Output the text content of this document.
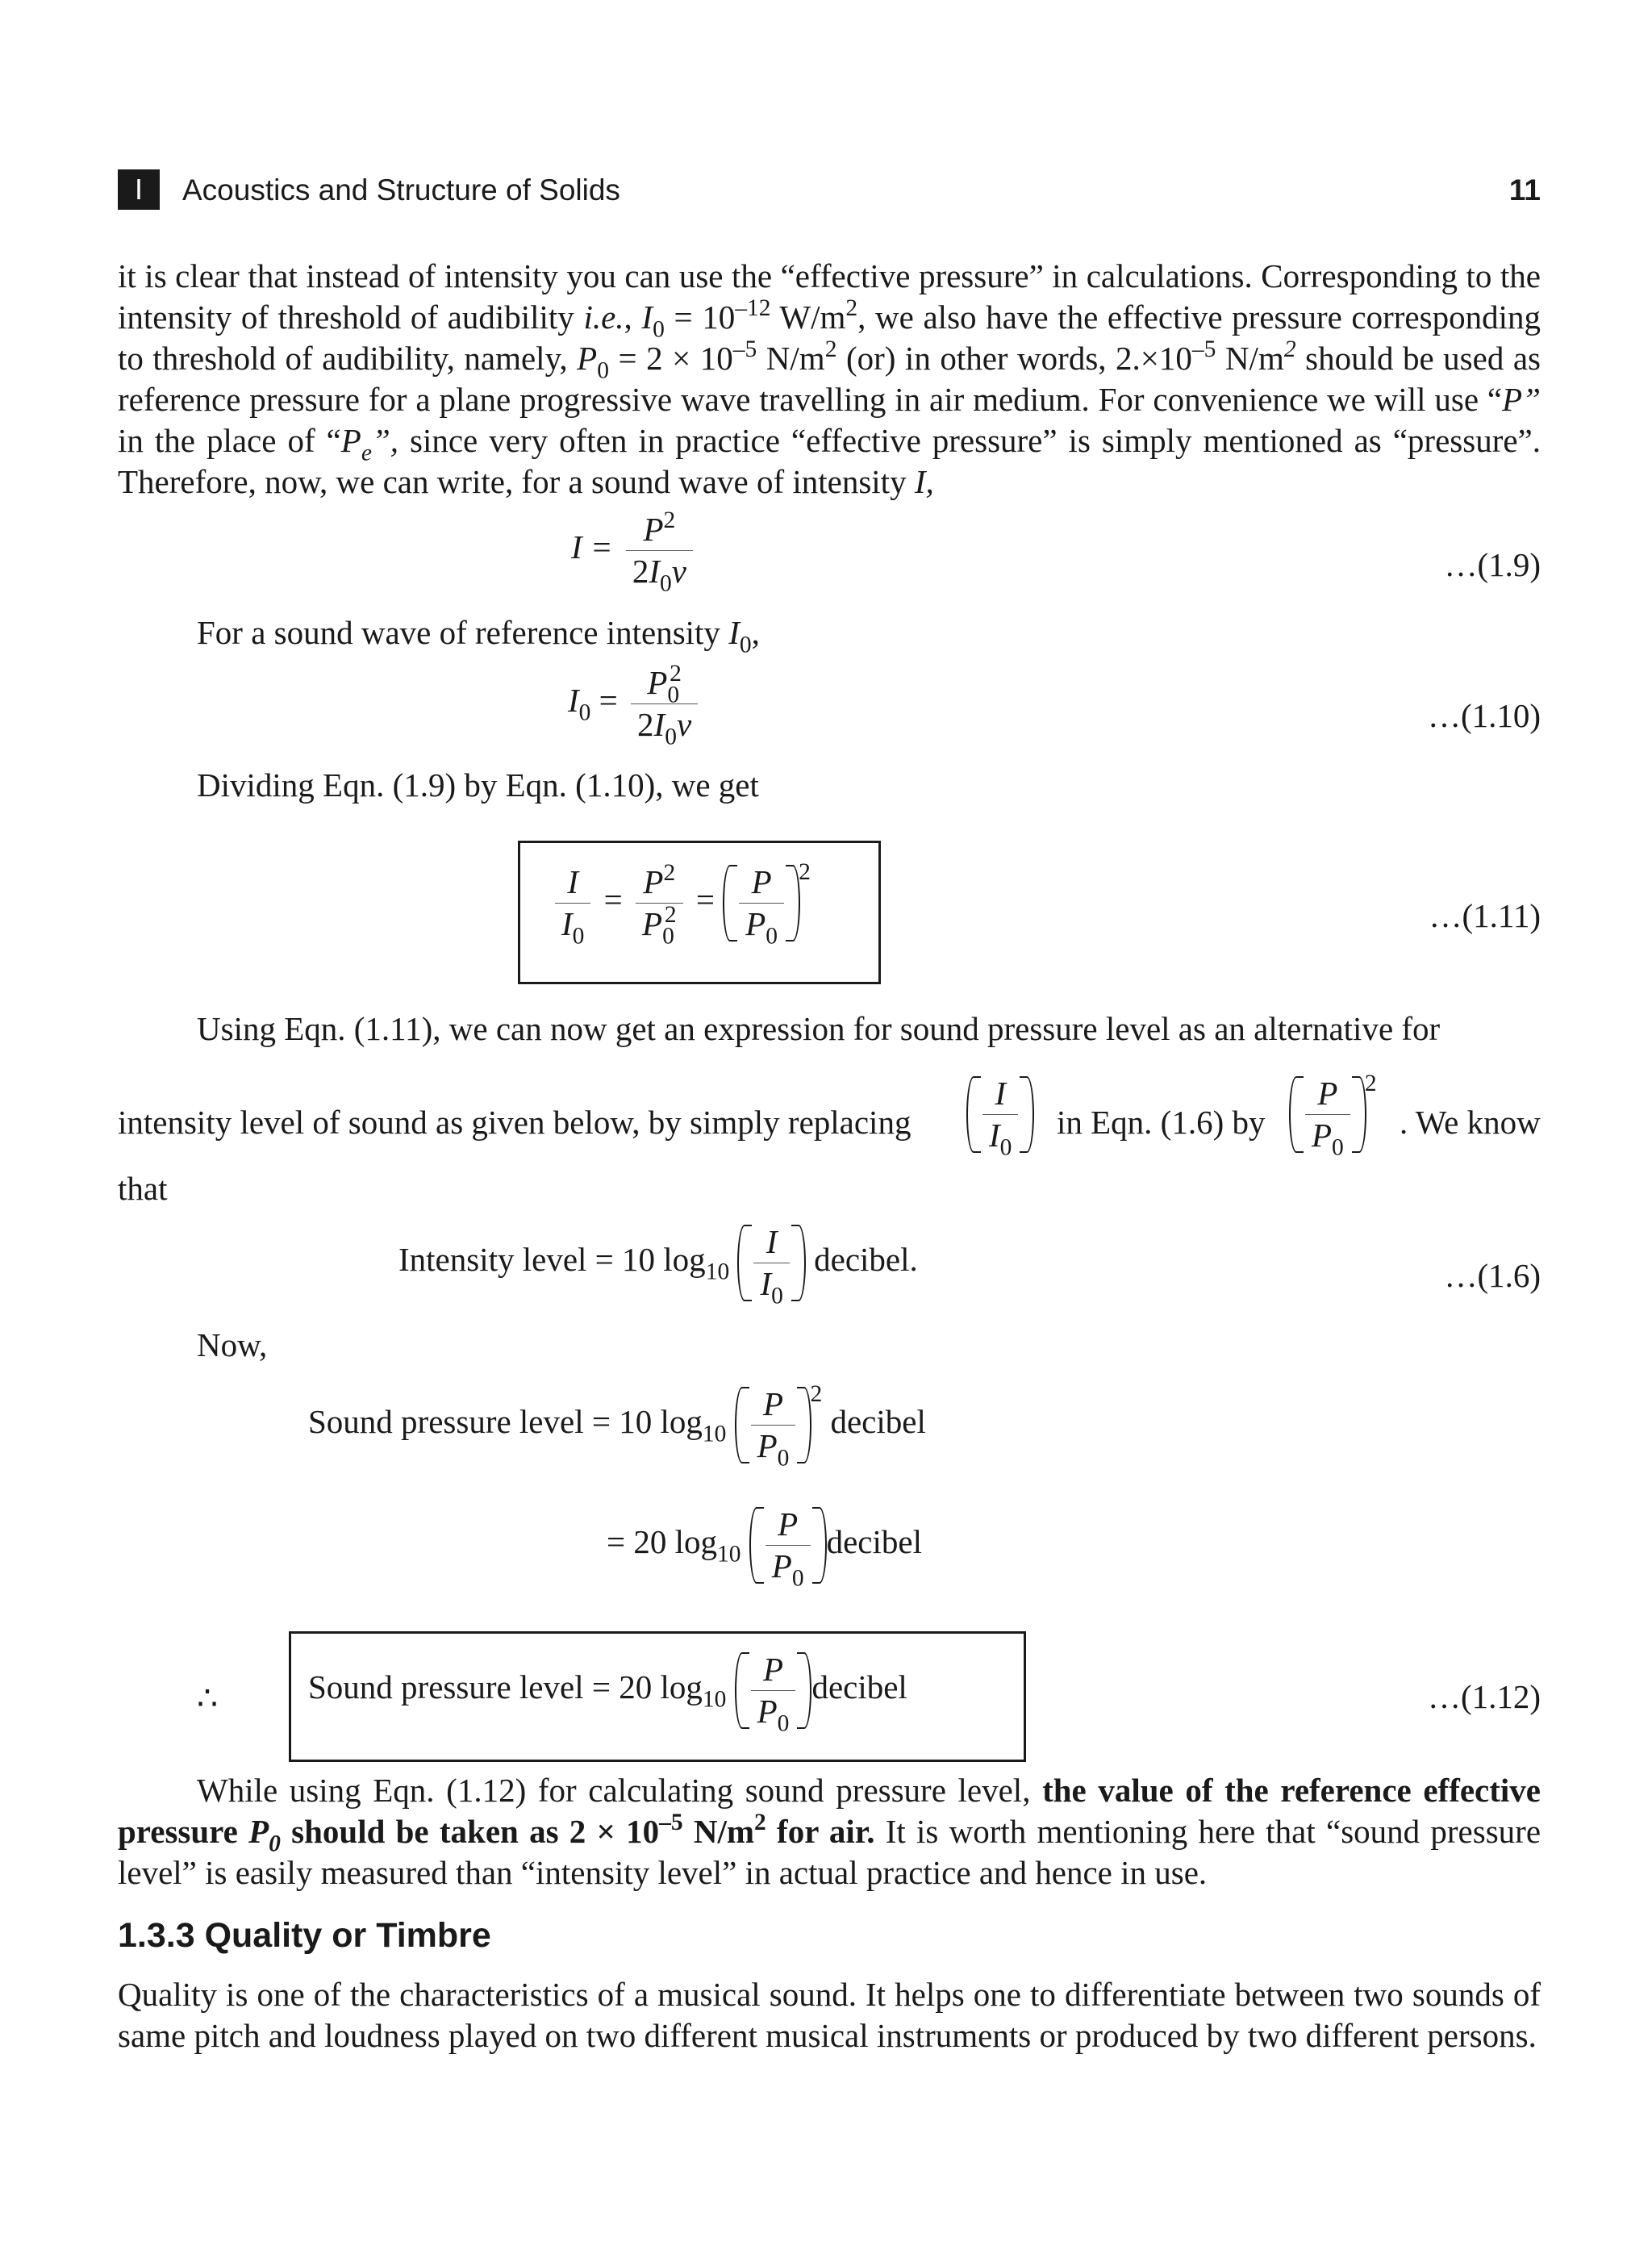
I	Acoustics and Structure of Solids	11
it is clear that instead of intensity you can use the “effective pressure” in calculations. Corresponding to the intensity of threshold of audibility i.e., $I_0 = 10^{-12}$ $W/m^2$, we also have the effective pressure corresponding to threshold of audibility, namely, $P_0 = 2 \times 10^{-5}$ $N/m^2$ (or) in other words, $2.\times 10^{-5}$ $N/m^2$ should be used as reference pressure for a plane progressive wave travelling in air medium. For convenience we will use “P” in the place of “$P_e$”, since very often in practice “effective pressure” is simply mentioned as “pressure”. Therefore, now, we can write, for a sound wave of intensity I,
$I = \frac{P^2}{2I_0v}$	…(1.9)
For a sound wave of reference intensity $I_0$,
$I_0 = \frac{P_0^2}{2I_0v}$	…(1.10)
Dividing Eqn. (1.9) by Eqn. (1.10), we get
$\frac{I}{I_0} = \frac{P^2}{P_0^2} = \frac{P}{P_0} ^2$
…(1.11)
Using Eqn. (1.11), we can now get an expression for sound pressure level as an alternative for
intensity level of sound as given below, by simply replacing $\frac{I}{I_0}$ in Eqn. (1.6) by $\frac{P}{P_0} ^2$
. We know
that
Intensity level = 10 $\log_{10} \frac{I}{I_0}$ decibel.	…(1.6)
Now,
Sound pressure level = 10 $\log_{10} \frac{P}{P_0} ^2$ decibel
= 20 $\log_{10} \frac{P}{P_0}$ decibel
∴	Sound pressure level = 20 $\log_{10} \frac{P}{P_0}$ decibel	…(1.12)
While using Eqn. (1.12) for calculating sound pressure level, the value of the reference effective pressure $P_0$ should be taken as $2 \times 10^{-5}$ $N/m^2$ for air. It is worth mentioning here that “sound pressure level” is easily measured than “intensity level” in actual practice and hence in use.
1.3.3 Quality or Timbre
Quality is one of the characteristics of a musical sound. It helps one to differentiate between two sounds of same pitch and loudness played on two different musical instruments or produced by two different persons.
